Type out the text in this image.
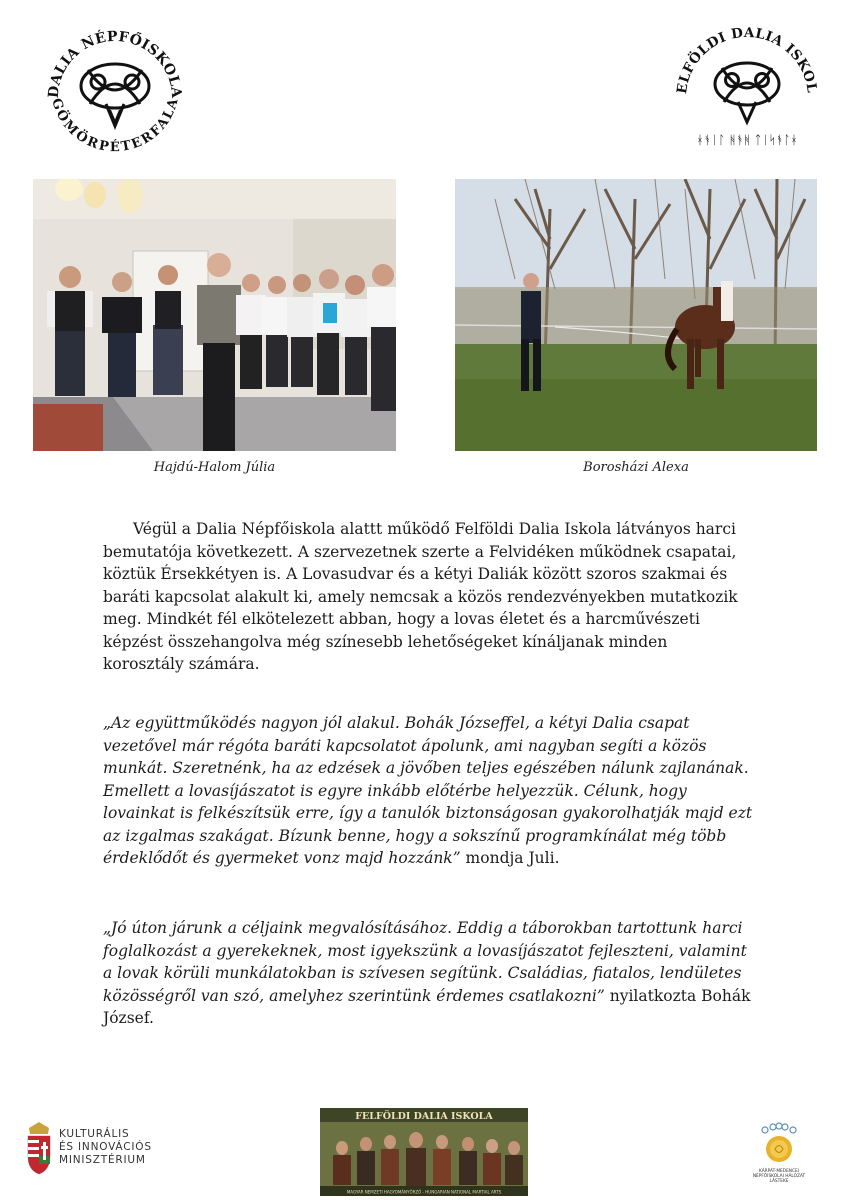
DALIA NÉPFŐISKOLA
GÖMÖRPÉTERFALA
ELFÖLDI DALIA ISKOL
ᚼᚬᛁᛚ ᚻᚬᚻ ᛏᛁᛋᚬᛚᚼ
Hajdú-Halom Júlia	Borosházi Alexa

Végül a Dalia Népfőiskola alattt működő Felföldi Dalia Iskola látványos harci bemutatója következett. A szervezetnek szerte a Felvidéken működnek csapatai, köztük Érsekkétyen is. A Lovasudvar és a kétyi Daliák között szoros szakmai és baráti kapcsolat alakult ki, amely nemcsak a közös rendezvényekben mutatkozik meg. Mindkét fél elkötelezett abban, hogy a lovas életet és a harcművészeti képzést összehangolva még színesebb lehetőségeket kínáljanak minden korosztály számára.

„Az együttműködés nagyon jól alakul. Bohák Józseffel, a kétyi Dalia csapat vezetővel már régóta baráti kapcsolatot ápolunk, ami nagyban segíti a közös munkát. Szeretnénk, ha az edzések a jövőben teljes egészében nálunk zajlanának. Emellett a lovasíjászatot is egyre inkább előtérbe helyezzük. Célunk, hogy lovainkat is felkészítsük erre, így a tanulók biztonságosan gyakorolhatják majd ezt az izgalmas szakágat. Bízunk benne, hogy a sokszínű programkínálat még több érdeklődőt és gyermeket vonz majd hozzánk” mondja Juli.

„Jó úton járunk a céljaink megvalósításához. Eddig a táborokban tartottunk harci foglalkozást a gyerekeknek, most igyekszünk a lovasíjászatot fejleszteni, valamint a lovak körüli munkálatokban is szívesen segítünk. Családias, fiatalos, lendületes közösségről van szó, amelyhez szerintünk érdemes csatlakozni” nyilatkozta Bohák József.

KULTURÁLIS
ÉS INNOVÁCIÓS
MINISZTÉRIUM
FELFÖLDI DALIA ISKOLA
MAGYAR NEMZETI HAGYOMÁNYŐRZŐ - HUNGARIAN NATIONAL MARTIAL ARTS
KÁRPÁT-MEDENCEI
NÉPFŐISKOLAI HÁLÓZAT
LÁSTEKE
